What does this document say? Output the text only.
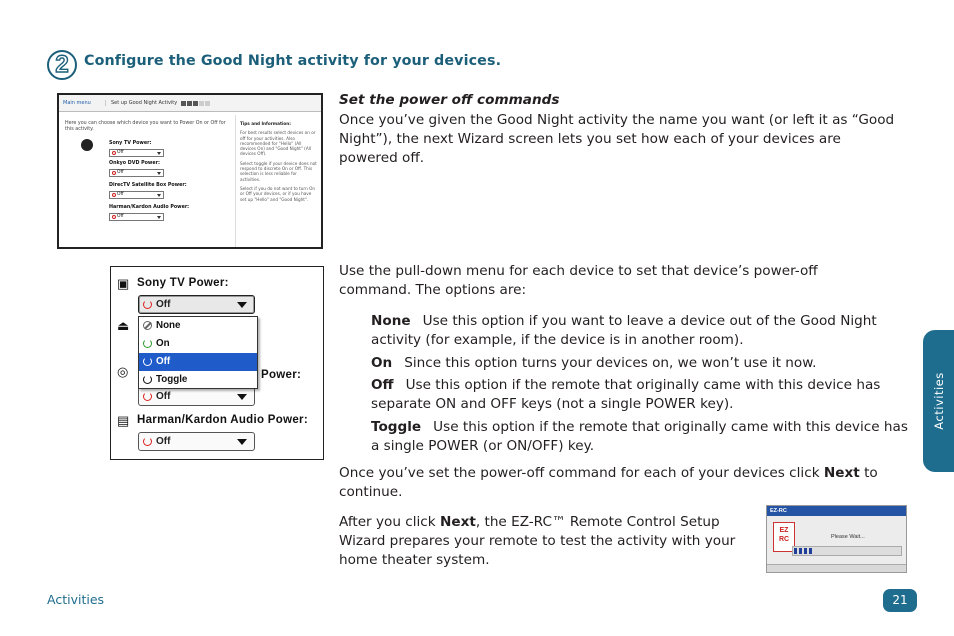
2 Configure the Good Night activity for your devices.
Main menu	Set up Good Night Activity
Here you can choose which device you want to Power On or Off for this activity.
Sony TV Power:
Off
Onkyo DVD Power:
Off
DirecTV Satellite Box Power:
Off
Harman/Kardon Audio Power:
Off
Tips and Information:

For best results select devices on or off for your activities. Also recommended for "Hello" (All devices On) and "Good Night" (All devices Off).

Select toggle if your device does not respond to discrete On or Off. This selection is less reliable for activities.

Select if you do not want to turn On or Off your devices, or if you have set up "Hello" and "Good Night".

Set the power off commands
Once you’ve given the Good Night activity the name you want (or left it as “Good Night”), the next Wizard screen lets you set how each of your devices are powered off.
▣ Sony TV Power:
Off
⏏
◎
None
On
Off
Toggle	Power:
Off
▤ Harman/Kardon Audio Power:
Off
Use the pull-down menu for each device to set that device’s power-off command. The options are:
None Use this option if you want to leave a device out of the Good Night activity (for example, if the device is in another room).
On Since this option turns your devices on, we won’t use it now.
Off Use this option if the remote that originally came with this device has separate ON and OFF keys (not a single POWER key).
Toggle Use this option if the remote that originally came with this device has a single POWER (or ON/OFF) key.
Once you’ve set the power-off command for each of your devices click Next to continue.
After you click Next, the EZ-RC™ Remote Control Setup Wizard prepares your remote to test the activity with your home theater system.
EZ-RC
EZ RC	Please Wait...
Activities
Activities	21
